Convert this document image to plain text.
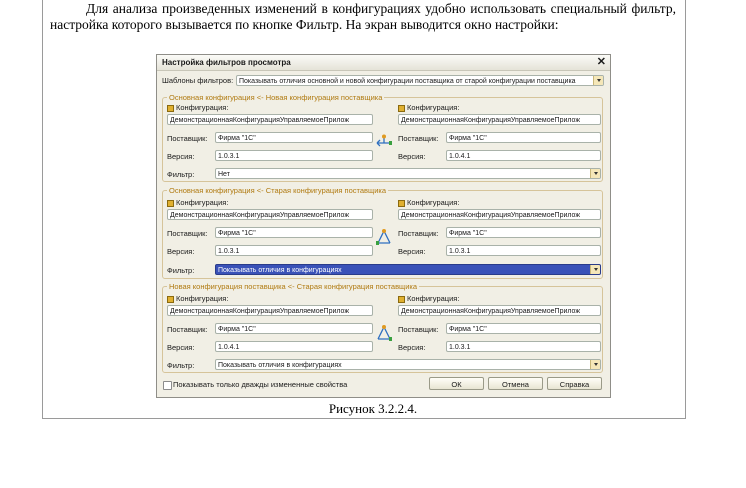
Для анализа произведенных изменений в конфигурациях удобно использовать специальный фильтр, настройка которого вызывается по кнопке Фильтр. На экран выводится окно настройки:
Настройка фильтров просмотра	✕
Шаблоны фильтров: Показывать отличия основной и новой конфигурации поставщика от старой конфигурации поставщика
Основная конфигурация <- Новая конфигурация поставщика
Конфигурация:
ДемонстрационнаяКонфигурацияУправляемоеПрилож
Конфигурация:
ДемонстрационнаяКонфигурацияУправляемоеПрилож
Поставщик:	Фирма "1С"	Поставщик:	Фирма "1С"
Версия:	1.0.3.1	Версия:	1.0.4.1
Фильтр:	Нет
Основная конфигурация <- Старая конфигурация поставщика
Конфигурация:
ДемонстрационнаяКонфигурацияУправляемоеПрилож
Конфигурация:
ДемонстрационнаяКонфигурацияУправляемоеПрилож
Поставщик:	Фирма "1С"	Поставщик:	Фирма "1С"
Версия:	1.0.3.1	Версия:	1.0.3.1
Фильтр:	Показывать отличия в конфигурациях
Новая конфигурация поставщика <- Старая конфигурация поставщика
Конфигурация:
ДемонстрационнаяКонфигурацияУправляемоеПрилож
Конфигурация:
ДемонстрационнаяКонфигурацияУправляемоеПрилож
Поставщик:	Фирма "1С"	Поставщик:	Фирма "1С"
Версия:	1.0.4.1	Версия:	1.0.3.1
Фильтр:	Показывать отличия в конфигурациях
Показывать только дважды измененные свойства	ОК	Отмена	Справка
Рисунок 3.2.2.4.
